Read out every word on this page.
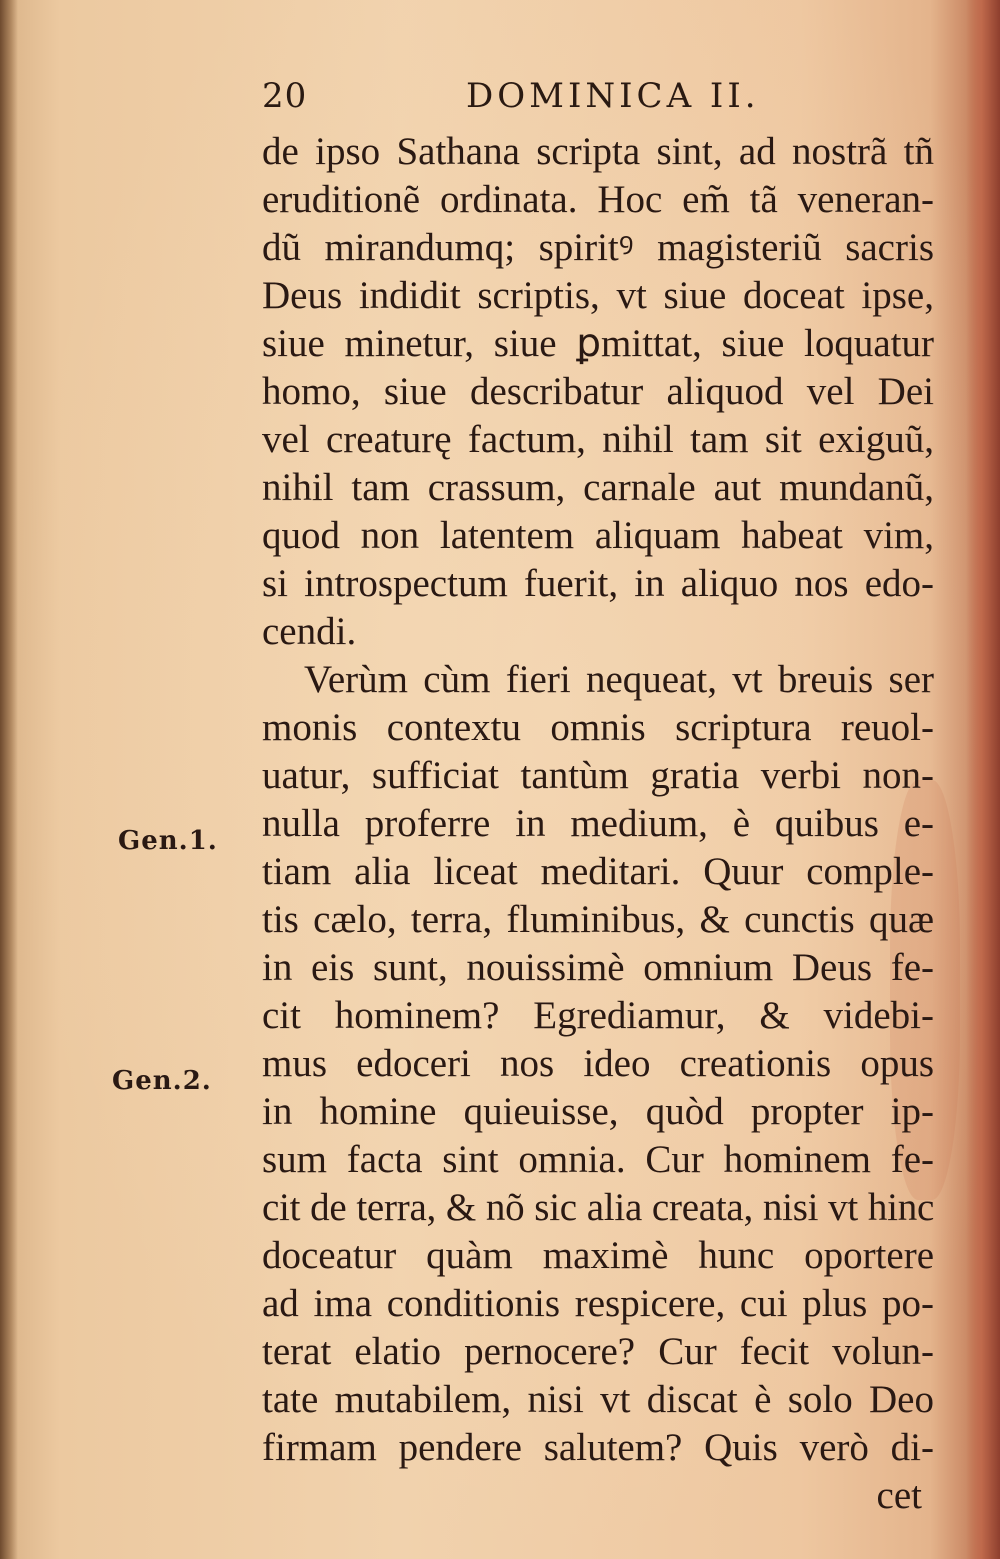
20	DOMINICA II.
Gen.1.
Gen.2.
de ipso Sathana scripta sint, ad nostrã tñ
eruditionẽ ordinata. Hoc em̃ tã veneran-
dũ mirandumq; spiritꝰ magisteriũ sacris
Deus indidit scriptis, vt siue doceat ipse,
siue minetur, siue ꝑmittat, siue loquatur
homo, siue describatur aliquod vel Dei
vel creaturę factum, nihil tam sit exiguũ,
nihil tam crassum, carnale aut mundanũ,
quod non latentem aliquam habeat vim,
si introspectum fuerit, in aliquo nos edo-
cendi.
Verùm cùm fieri nequeat, vt breuis ser
monis contextu omnis scriptura reuol-
uatur, sufficiat tantùm gratia verbi non-
nulla proferre in medium, è quibus e-
tiam alia liceat meditari. Quur comple-
tis cælo, terra, fluminibus, & cunctis quæ
in eis sunt, nouissimè omnium Deus fe-
cit hominem? Egrediamur, & videbi-
mus edoceri nos ideo creationis opus
in homine quieuisse, quòd propter ip-
sum facta sint omnia. Cur hominem fe-
cit de terra, & nõ sic alia creata, nisi vt hinc
doceatur quàm maximè hunc oportere
ad ima conditionis respicere, cui plus po-
terat elatio pernocere? Cur fecit volun-
tate mutabilem, nisi vt discat è solo Deo
firmam pendere salutem? Quis verò di-
cet
